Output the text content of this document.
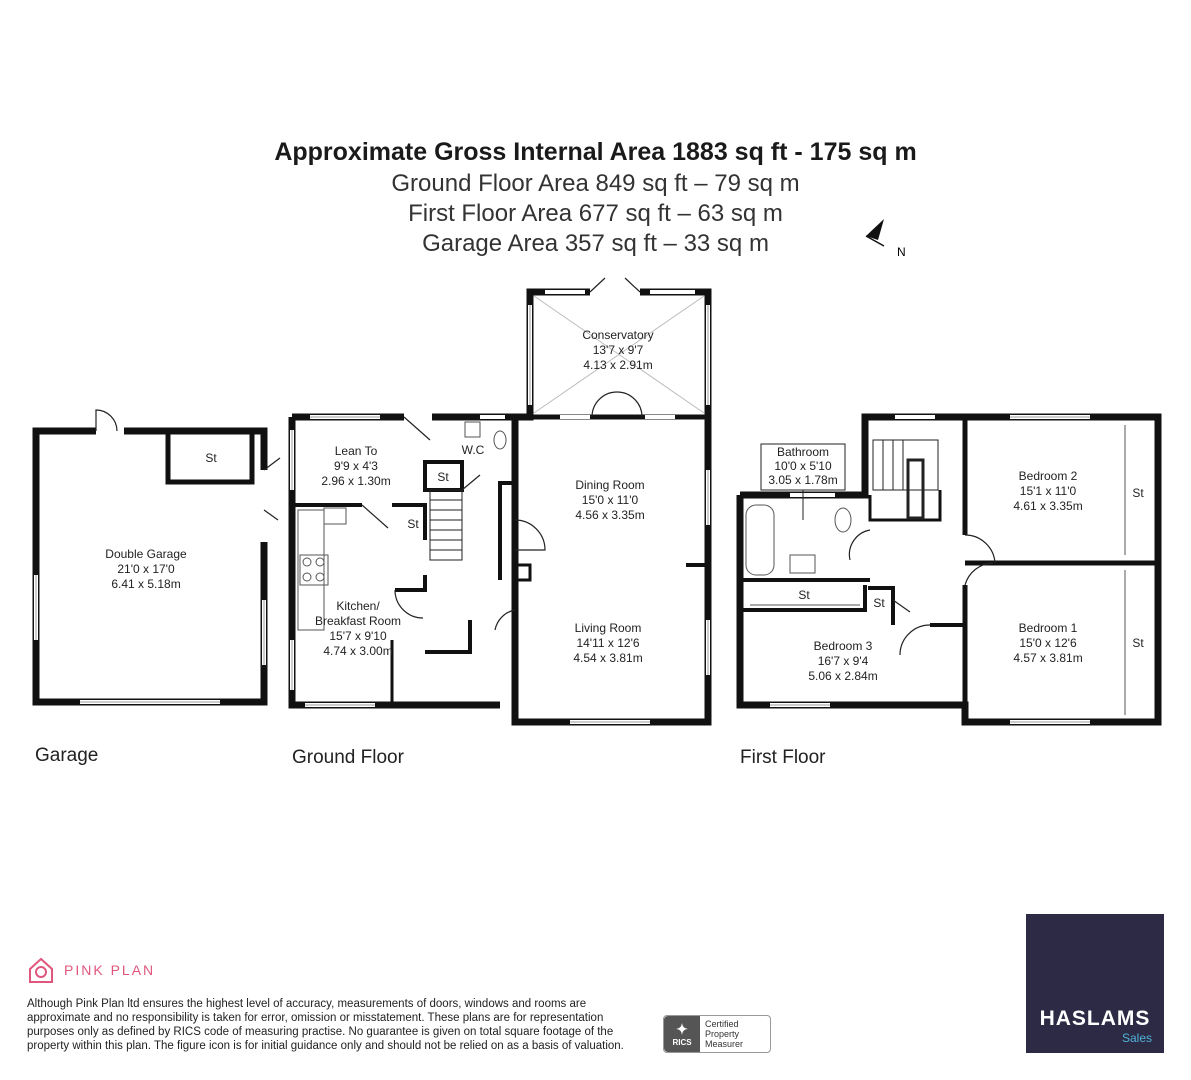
Approximate Gross Internal Area 1883 sq ft - 175 sq m
Ground Floor Area 849 sq ft – 79 sq m
First Floor Area 677 sq ft – 63 sq m
Garage Area 357 sq ft – 33 sq m	N
Double Garage
21'0 x 17'0
6.41 x 5.18m
St	Lean To
9'9 x 4'3
2.96 x 1.30m
Kitchen/
Breakfast Room
15'7 x 9'10
4.74 x 3.00m
W.C
St
St
Conservatory
13'7 x 9'7
4.13 x 2.91m
Dining Room
15'0 x 11'0
4.56 x 3.35m
Living Room
14'11 x 12'6
4.54 x 3.81m
Bathroom
10'0 x 5'10
3.05 x 1.78m	Bedroom 2
15'1 x 11'0
4.61 x 3.35m
St
Bedroom 1
15'0 x 12'6
4.57 x 3.81m
St
Bedroom 3
16'7 x 9'4
5.06 x 2.84m
St
St
Garage	Ground Floor	First Floor
PINK PLAN
Although Pink Plan ltd ensures the highest level of accuracy, measurements of doors, windows and rooms are approximate and no responsibility is taken for error, omission or misstatement. These plans are for representation purposes only as defined by RICS code of measuring practise. No guarantee is given on total square footage of the property within this plan. The figure icon is for initial guidance only and should not be relied on as a basis of valuation.
✦
RICS
Certified
Property
Measurer
HASLAMS
Sales
